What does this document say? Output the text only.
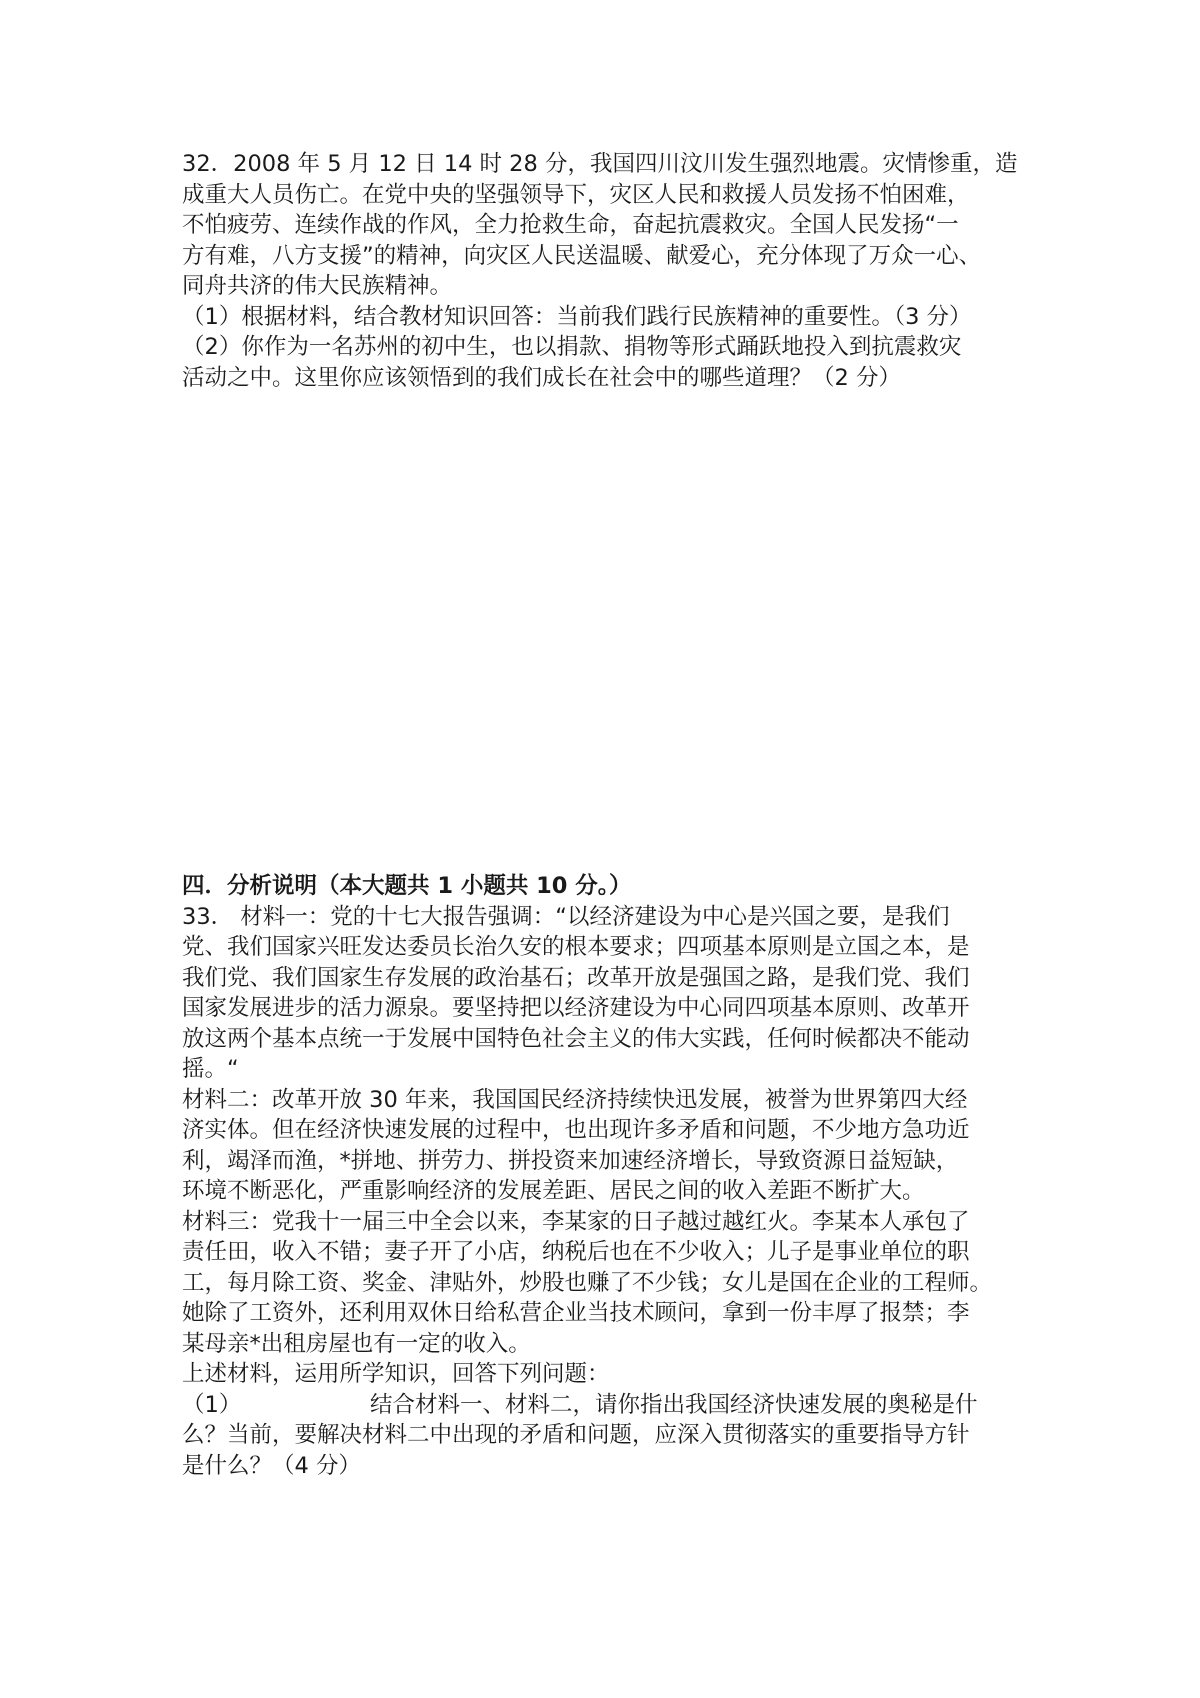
32．2008 年 5 月 12 日 14 时 28 分，我国四川汶川发生强烈地震。灾情惨重，造
成重大人员伤亡。在党中央的坚强领导下，灾区人民和救援人员发扬不怕困难，
不怕疲劳、连续作战的作风，全力抢救生命，奋起抗震救灾。全国人民发扬“一
方有难，八方支援”的精神，向灾区人民送温暖、献爱心，充分体现了万众一心、
同舟共济的伟大民族精神。
（1）根据材料，结合教材知识回答：当前我们践行民族精神的重要性。（3 分）
（2）你作为一名苏州的初中生，也以捐款、捐物等形式踊跃地投入到抗震救灾
活动之中。这里你应该领悟到的我们成长在社会中的哪些道理？（2 分）
四．分析说明（本大题共 1 小题共 10 分。）
33． 材料一：党的十七大报告强调：“以经济建设为中心是兴国之要，是我们
党、我们国家兴旺发达委员长治久安的根本要求；四项基本原则是立国之本，是
我们党、我们国家生存发展的政治基石；改革开放是强国之路，是我们党、我们
国家发展进步的活力源泉。要坚持把以经济建设为中心同四项基本原则、改革开
放这两个基本点统一于发展中国特色社会主义的伟大实践，任何时候都决不能动
摇。“
材料二：改革开放 30 年来，我国国民经济持续快迅发展，被誉为世界第四大经
济实体。但在经济快速发展的过程中，也出现许多矛盾和问题，不少地方急功近
利，竭泽而渔，*拼地、拼劳力、拼投资来加速经济增长，导致资源日益短缺，
环境不断恶化，严重影响经济的发展差距、居民之间的收入差距不断扩大。
材料三：党我十一届三中全会以来，李某家的日子越过越红火。李某本人承包了
责任田，收入不错；妻子开了小店，纳税后也在不少收入；儿子是事业单位的职
工，每月除工资、奖金、津贴外，炒股也赚了不少钱；女儿是国在企业的工程师。
她除了工资外，还利用双休日给私营企业当技术顾问，拿到一份丰厚了报禁；李
某母亲*出租房屋也有一定的收入。
上述材料，运用所学知识，回答下列问题：
（1）                  结合材料一、材料二，请你指出我国经济快速发展的奥秘是什
么？当前，要解决材料二中出现的矛盾和问题，应深入贯彻落实的重要指导方针
是什么？（4 分）
